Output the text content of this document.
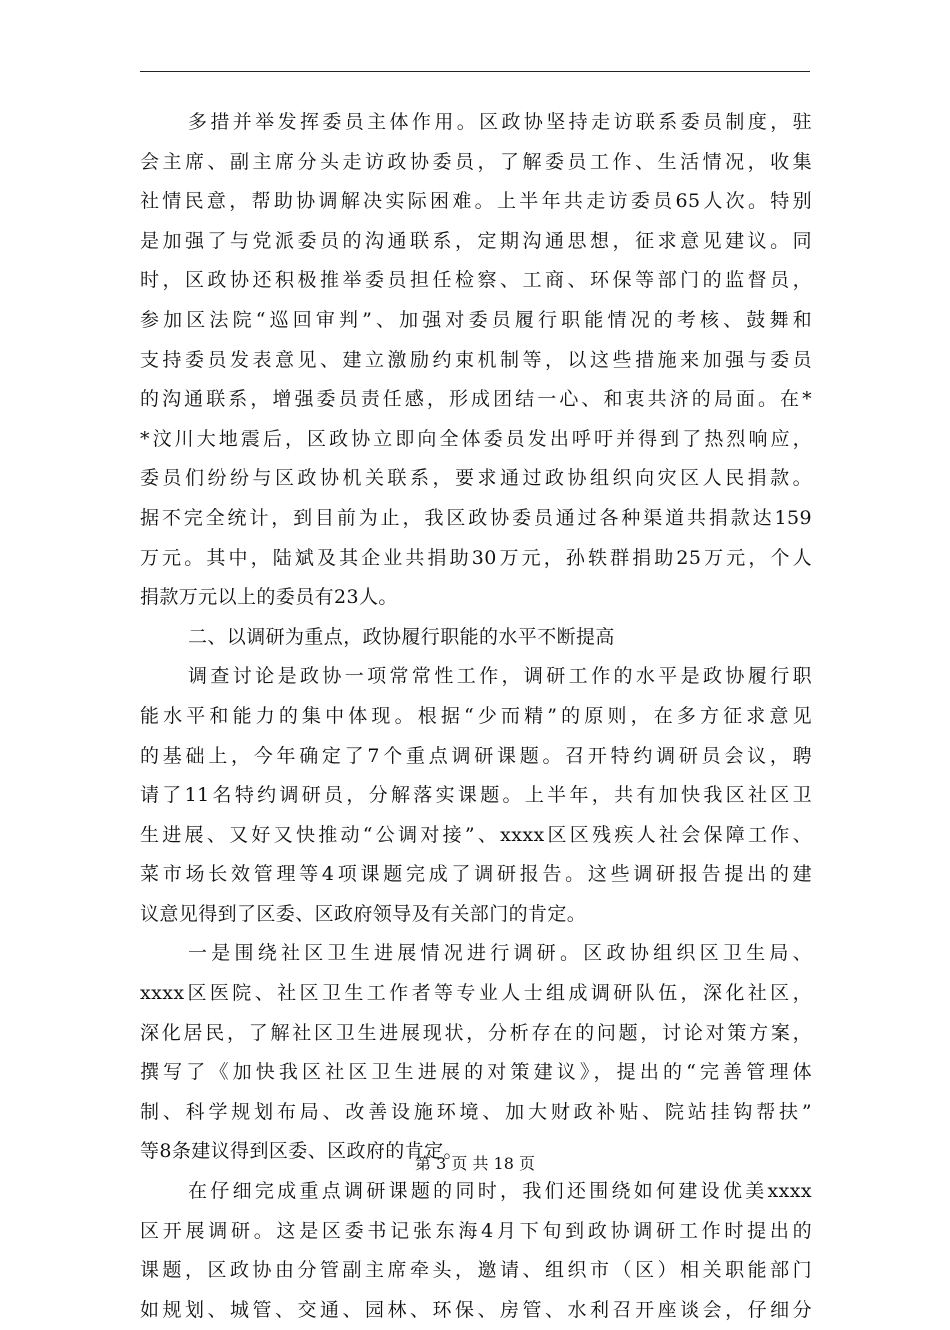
多措并举发挥委员主体作用。区政协坚持走访联系委员制度，驻
会主席、副主席分头走访政协委员，了解委员工作、生活情况，收集
社情民意，帮助协调解决实际困难。上半年共走访委员65人次。特别
是加强了与党派委员的沟通联系，定期沟通思想，征求意见建议。同
时，区政协还积极推举委员担任检察、工商、环保等部门的监督员，
参加区法院“巡回审判”、加强对委员履行职能情况的考核、鼓舞和
支持委员发表意见、建立激励约束机制等，以这些措施来加强与委员
的沟通联系，增强委员责任感，形成团结一心、和衷共济的局面。在*
*汶川大地震后，区政协立即向全体委员发出呼吁并得到了热烈响应，
委员们纷纷与区政协机关联系，要求通过政协组织向灾区人民捐款。
据不完全统计，到目前为止，我区政协委员通过各种渠道共捐款达159
万元。其中，陆斌及其企业共捐助30万元，孙轶群捐助25万元，个人
捐款万元以上的委员有23人。
二、以调研为重点，政协履行职能的水平不断提高
调查讨论是政协一项常常性工作，调研工作的水平是政协履行职
能水平和能力的集中体现。根据“少而精”的原则，在多方征求意见
的基础上，今年确定了7个重点调研课题。召开特约调研员会议，聘
请了11名特约调研员，分解落实课题。上半年，共有加快我区社区卫
生进展、又好又快推动“公调对接”、xxxx区区残疾人社会保障工作、
菜市场长效管理等4项课题完成了调研报告。这些调研报告提出的建
议意见得到了区委、区政府领导及有关部门的肯定。
一是围绕社区卫生进展情况进行调研。区政协组织区卫生局、
xxxx区医院、社区卫生工作者等专业人士组成调研队伍，深化社区，
深化居民，了解社区卫生进展现状，分析存在的问题，讨论对策方案，
撰写了《加快我区社区卫生进展的对策建议》，提出的“完善管理体
制、科学规划布局、改善设施环境、加大财政补贴、院站挂钩帮扶”
等8条建议得到区委、区政府的肯定。
在仔细完成重点调研课题的同时，我们还围绕如何建设优美xxxx
区开展调研。这是区委书记张东海4月下旬到政协调研工作时提出的
课题，区政协由分管副主席牵头，邀请、组织市（区）相关职能部门
如规划、城管、交通、园林、环保、房管、水利召开座谈会，仔细分
第 3 页 共 18 页
